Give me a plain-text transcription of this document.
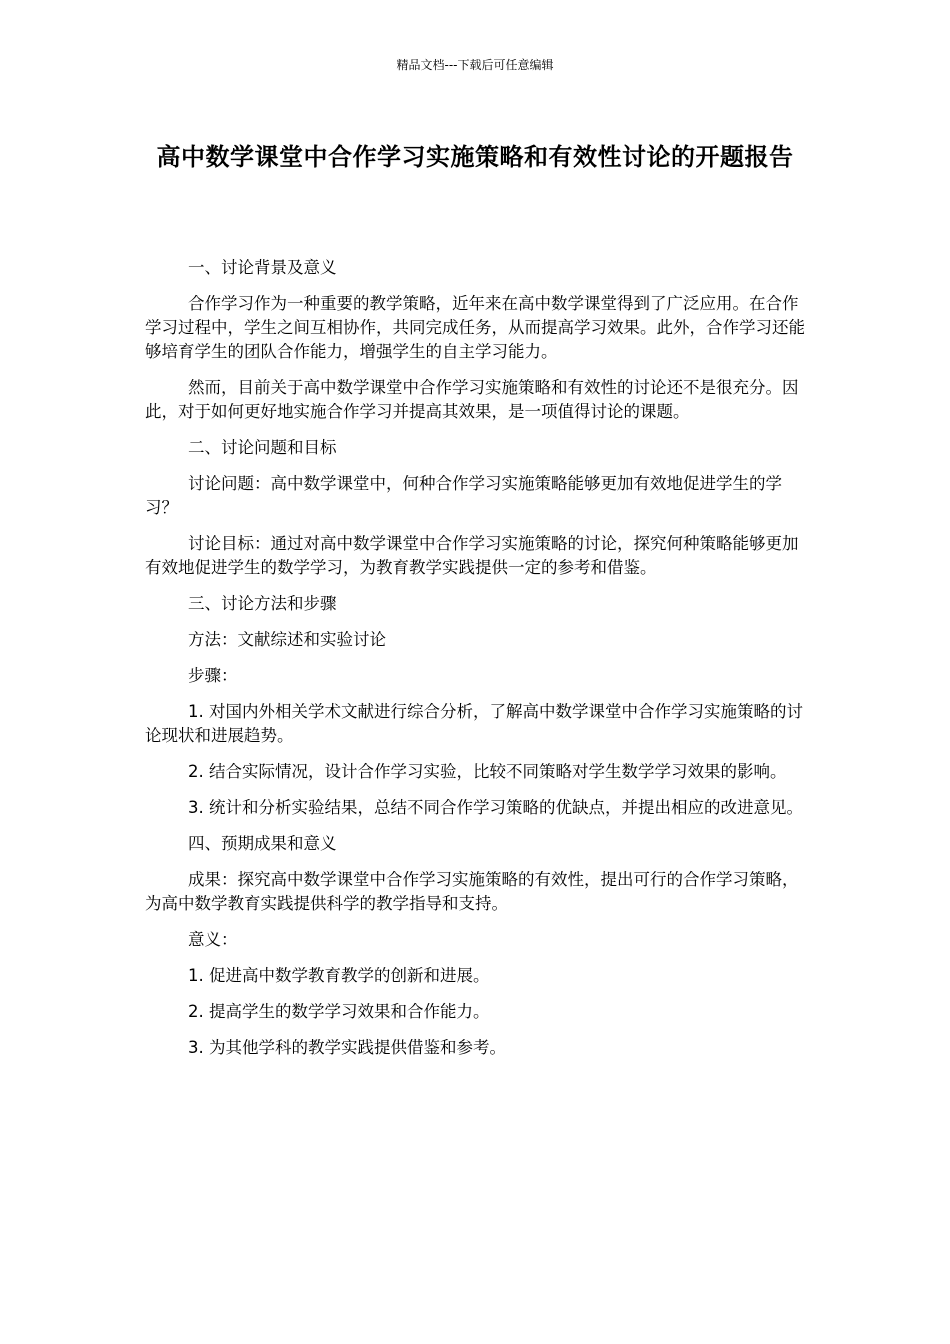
精品文档---下载后可任意编辑
高中数学课堂中合作学习实施策略和有效性讨论的开题报告

一、讨论背景及意义

合作学习作为一种重要的教学策略，近年来在高中数学课堂得到了广泛应用。在合作学习过程中，学生之间互相协作，共同完成任务，从而提高学习效果。此外，合作学习还能够培育学生的团队合作能力，增强学生的自主学习能力。

然而，目前关于高中数学课堂中合作学习实施策略和有效性的讨论还不是很充分。因此，对于如何更好地实施合作学习并提高其效果，是一项值得讨论的课题。

二、讨论问题和目标

讨论问题：高中数学课堂中，何种合作学习实施策略能够更加有效地促进学生的学习？

讨论目标：通过对高中数学课堂中合作学习实施策略的讨论，探究何种策略能够更加有效地促进学生的数学学习，为教育教学实践提供一定的参考和借鉴。

三、讨论方法和步骤

方法：文献综述和实验讨论

步骤：

1. 对国内外相关学术文献进行综合分析，了解高中数学课堂中合作学习实施策略的讨论现状和进展趋势。

2. 结合实际情况，设计合作学习实验，比较不同策略对学生数学学习效果的影响。

3. 统计和分析实验结果，总结不同合作学习策略的优缺点，并提出相应的改进意见。

四、预期成果和意义

成果：探究高中数学课堂中合作学习实施策略的有效性，提出可行的合作学习策略，为高中数学教育实践提供科学的教学指导和支持。

意义：

1. 促进高中数学教育教学的创新和进展。

2. 提高学生的数学学习效果和合作能力。

3. 为其他学科的教学实践提供借鉴和参考。
